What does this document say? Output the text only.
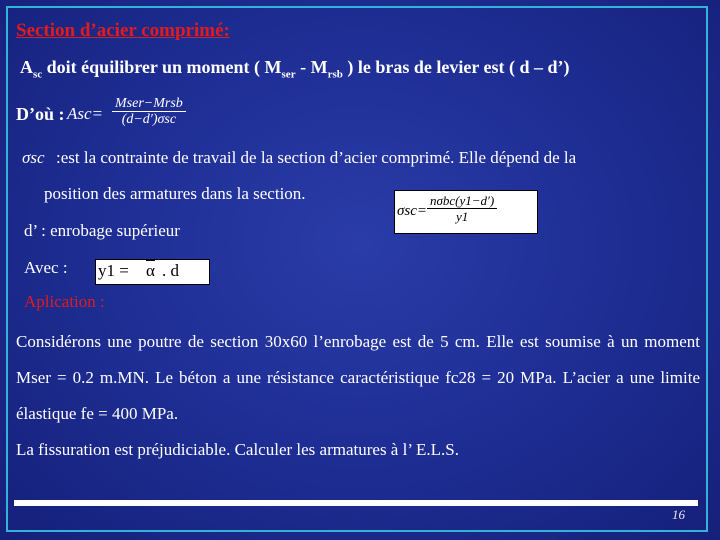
Section d’acier comprimé:
$A_{sc}$ doit équilibrer un moment ( $M_{ser} - M_{rsb}$ ) le bras de levier est ( d – d’)
D’où : Asc=
Mser−Mrsb
(d−d′)σsc
σsc :est la contrainte de travail de la section d’acier comprimé. Elle dépend de la
position des armatures dans la section.
σsc=
nσbc(y1−d′)
y1
d’ : enrobage supérieur
Avec : $y1 = \overline{\alpha}$ . d
Aplication :
Considérons une poutre de section 30x60 l’enrobage est de 5 cm. Elle est soumise à un moment Mser = 0.2 m.MN. Le béton a une résistance caractéristique fc28 = 20 MPa. L’acier a une limite élastique fe = 400 MPa.
La fissuration est préjudiciable. Calculer les armatures à l’ E.L.S.
16
